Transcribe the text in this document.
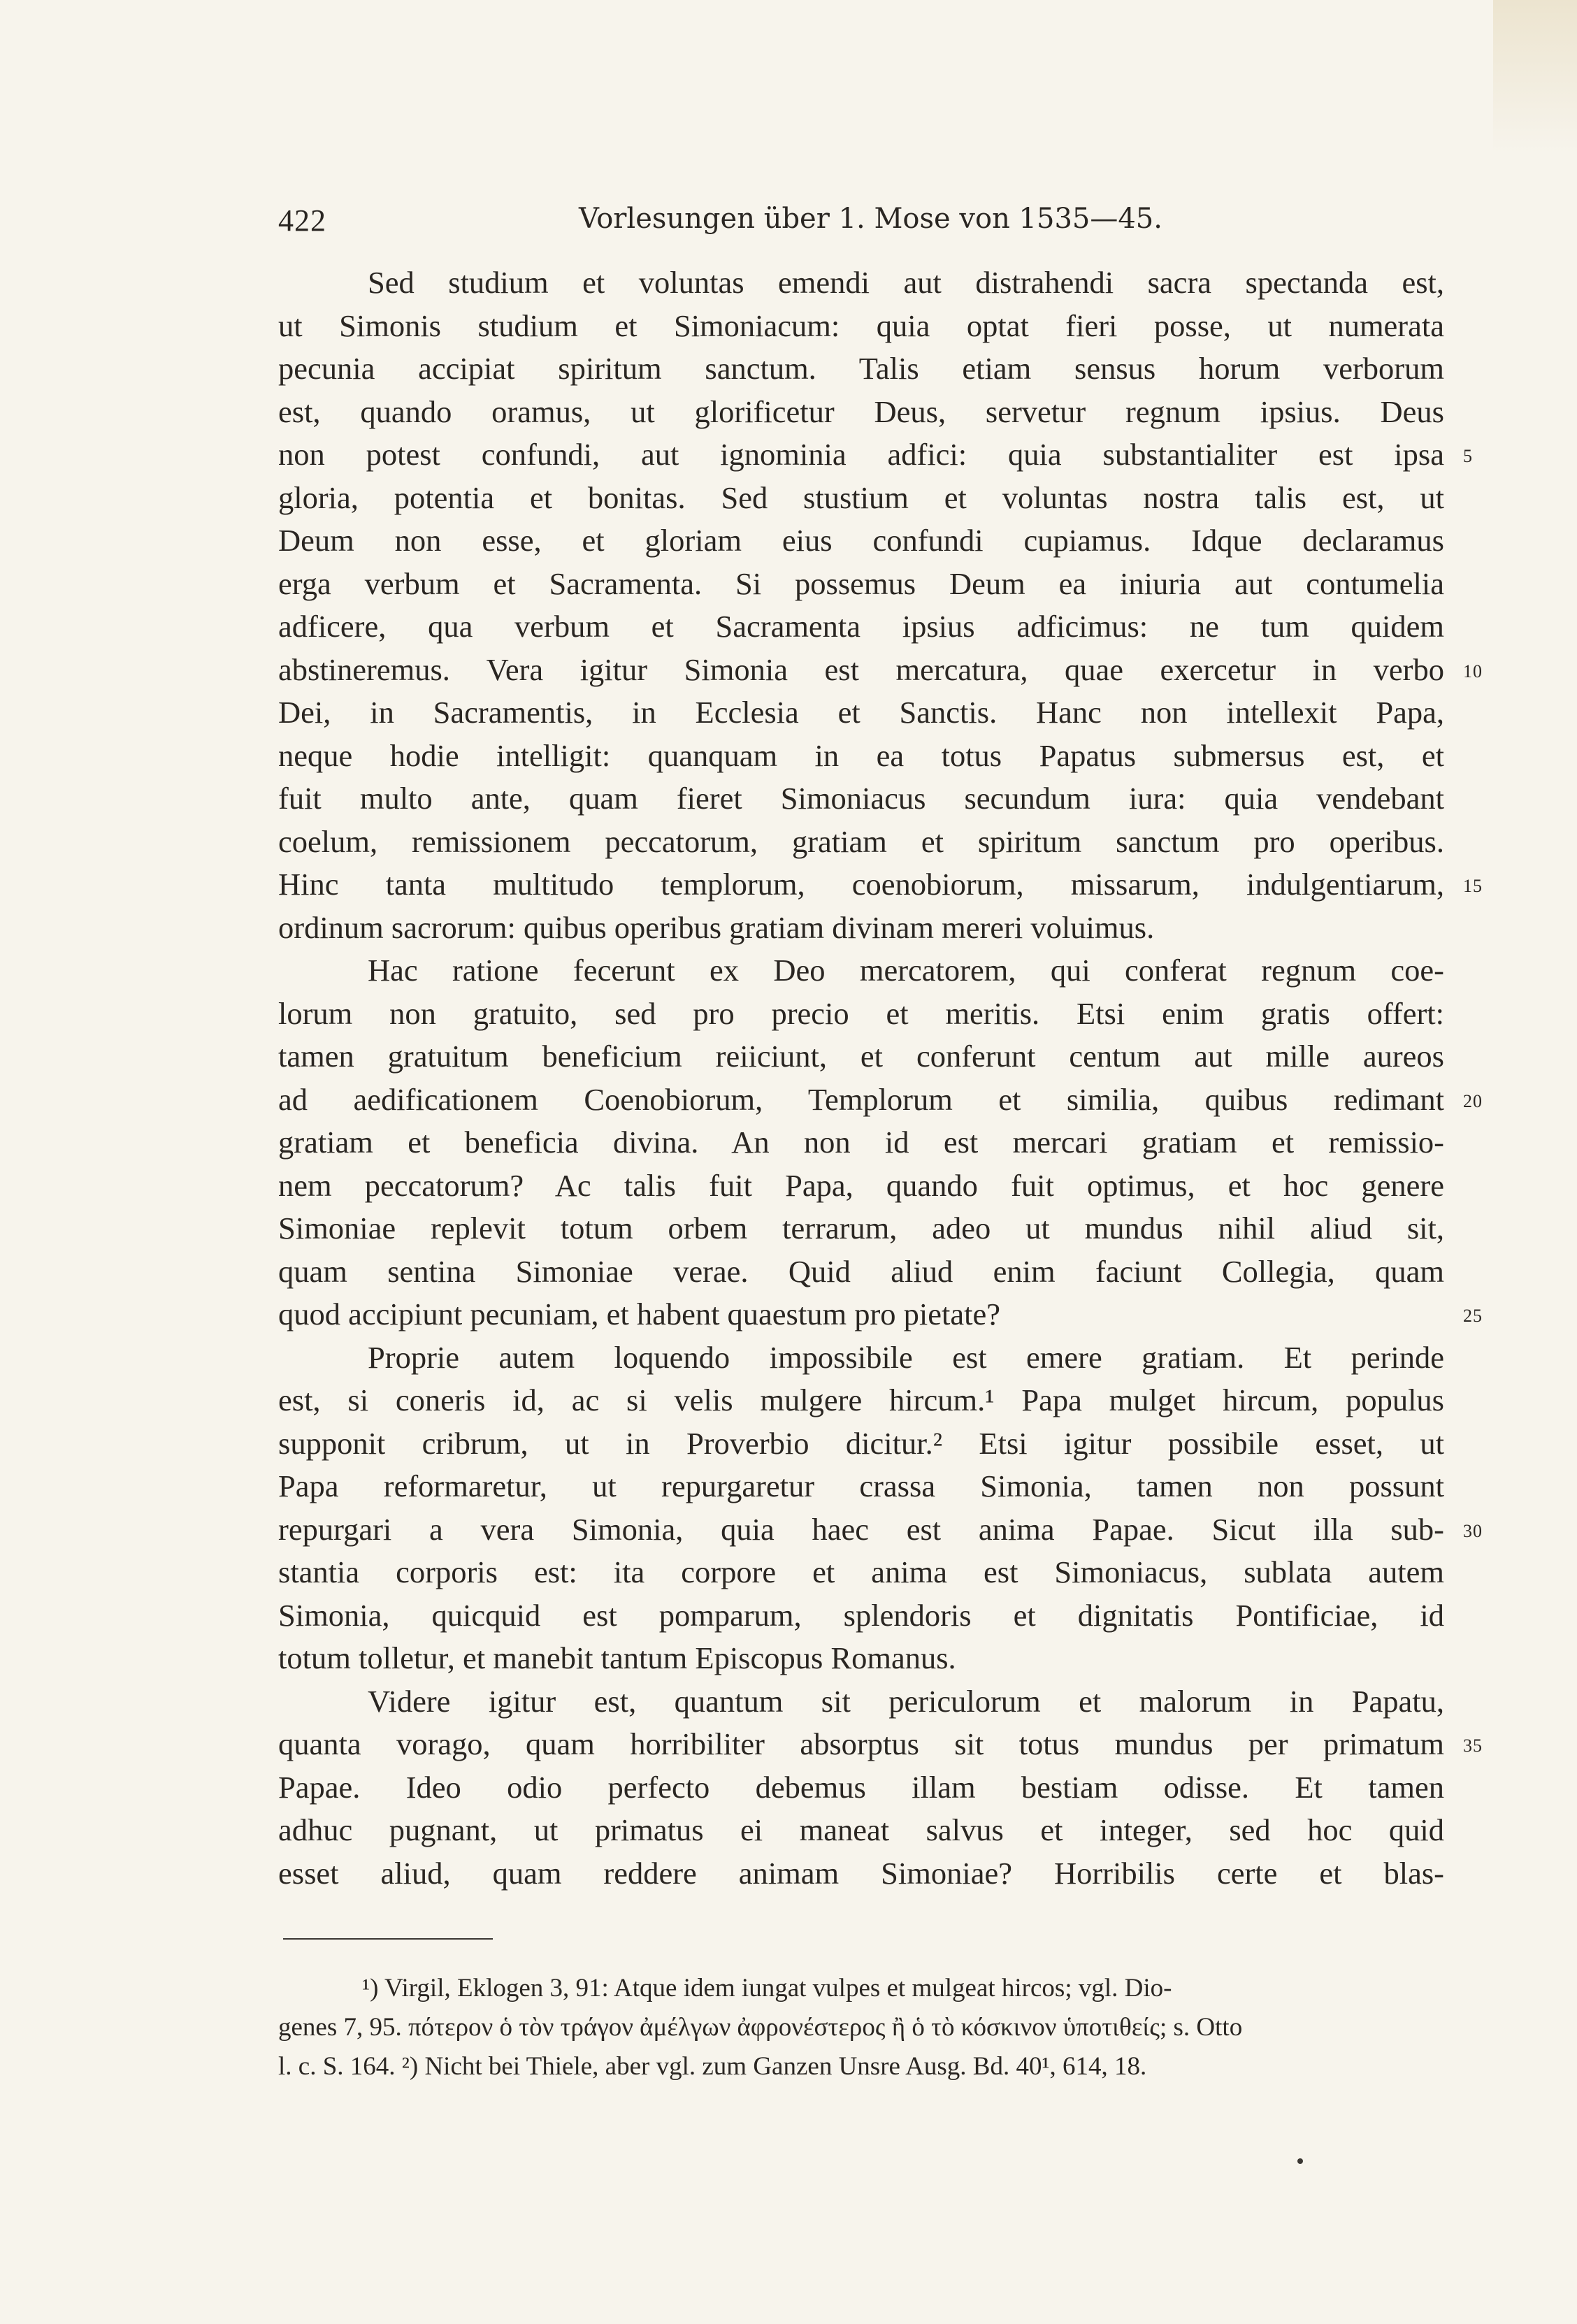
422	Vorlesungen über 1. Mose von 1535—45.
Sed studium et voluntas emendi aut distrahendi sacra spectanda est,
ut Simonis studium et Simoniacum: quia optat fieri posse, ut numerata
pecunia accipiat spiritum sanctum. Talis etiam sensus horum verborum
est, quando oramus, ut glorificetur Deus, servetur regnum ipsius. Deus
non potest confundi, aut ignominia adfici: quia substantialiter est ipsa 5
gloria, potentia et bonitas. Sed stustium et voluntas nostra talis est, ut
Deum non esse, et gloriam eius confundi cupiamus. Idque declaramus
erga verbum et Sacramenta. Si possemus Deum ea iniuria aut contumelia
adficere, qua verbum et Sacramenta ipsius adficimus: ne tum quidem
abstineremus. Vera igitur Simonia est mercatura, quae exercetur in verbo 10
Dei, in Sacramentis, in Ecclesia et Sanctis. Hanc non intellexit Papa,
neque hodie intelligit: quanquam in ea totus Papatus submersus est, et
fuit multo ante, quam fieret Simoniacus secundum iura: quia vendebant
coelum, remissionem peccatorum, gratiam et spiritum sanctum pro operibus.
Hinc tanta multitudo templorum, coenobiorum, missarum, indulgentiarum, 15
ordinum sacrorum: quibus operibus gratiam divinam mereri voluimus.
Hac ratione fecerunt ex Deo mercatorem, qui conferat regnum coe-
lorum non gratuito, sed pro precio et meritis. Etsi enim gratis offert:
tamen gratuitum beneficium reiiciunt, et conferunt centum aut mille aureos
ad aedificationem Coenobiorum, Templorum et similia, quibus redimant 20
gratiam et beneficia divina. An non id est mercari gratiam et remissio-
nem peccatorum? Ac talis fuit Papa, quando fuit optimus, et hoc genere
Simoniae replevit totum orbem terrarum, adeo ut mundus nihil aliud sit,
quam sentina Simoniae verae. Quid aliud enim faciunt Collegia, quam
quod accipiunt pecuniam, et habent quaestum pro pietate?	25
Proprie autem loquendo impossibile est emere gratiam. Et perinde
est, si coneris id, ac si velis mulgere hircum.¹ Papa mulget hircum, populus
supponit cribrum, ut in Proverbio dicitur.² Etsi igitur possibile esset, ut
Papa reformaretur, ut repurgaretur crassa Simonia, tamen non possunt
repurgari a vera Simonia, quia haec est anima Papae. Sicut illa sub- 30
stantia corporis est: ita corpore et anima est Simoniacus, sublata autem
Simonia, quicquid est pomparum, splendoris et dignitatis Pontificiae, id
totum tolletur, et manebit tantum Episcopus Romanus.
Videre igitur est, quantum sit periculorum et malorum in Papatu,
quanta vorago, quam horribiliter absorptus sit totus mundus per primatum 35
Papae. Ideo odio perfecto debemus illam bestiam odisse. Et tamen
adhuc pugnant, ut primatus ei maneat salvus et integer, sed hoc quid
esset aliud, quam reddere animam Simoniae? Horribilis certe et blas-
¹) Virgil, Eklogen 3, 91: Atque idem iungat vulpes et mulgeat hircos; vgl. Dio-
genes 7, 95. πότερον ὁ τὸν τράγον ἀμέλγων ἀφρονέστερος ἢ ὁ τὸ κόσκινον ὑποτιθείς; s. Otto
l. c. S. 164. ²) Nicht bei Thiele, aber vgl. zum Ganzen Unsre Ausg. Bd. 40¹, 614, 18.
